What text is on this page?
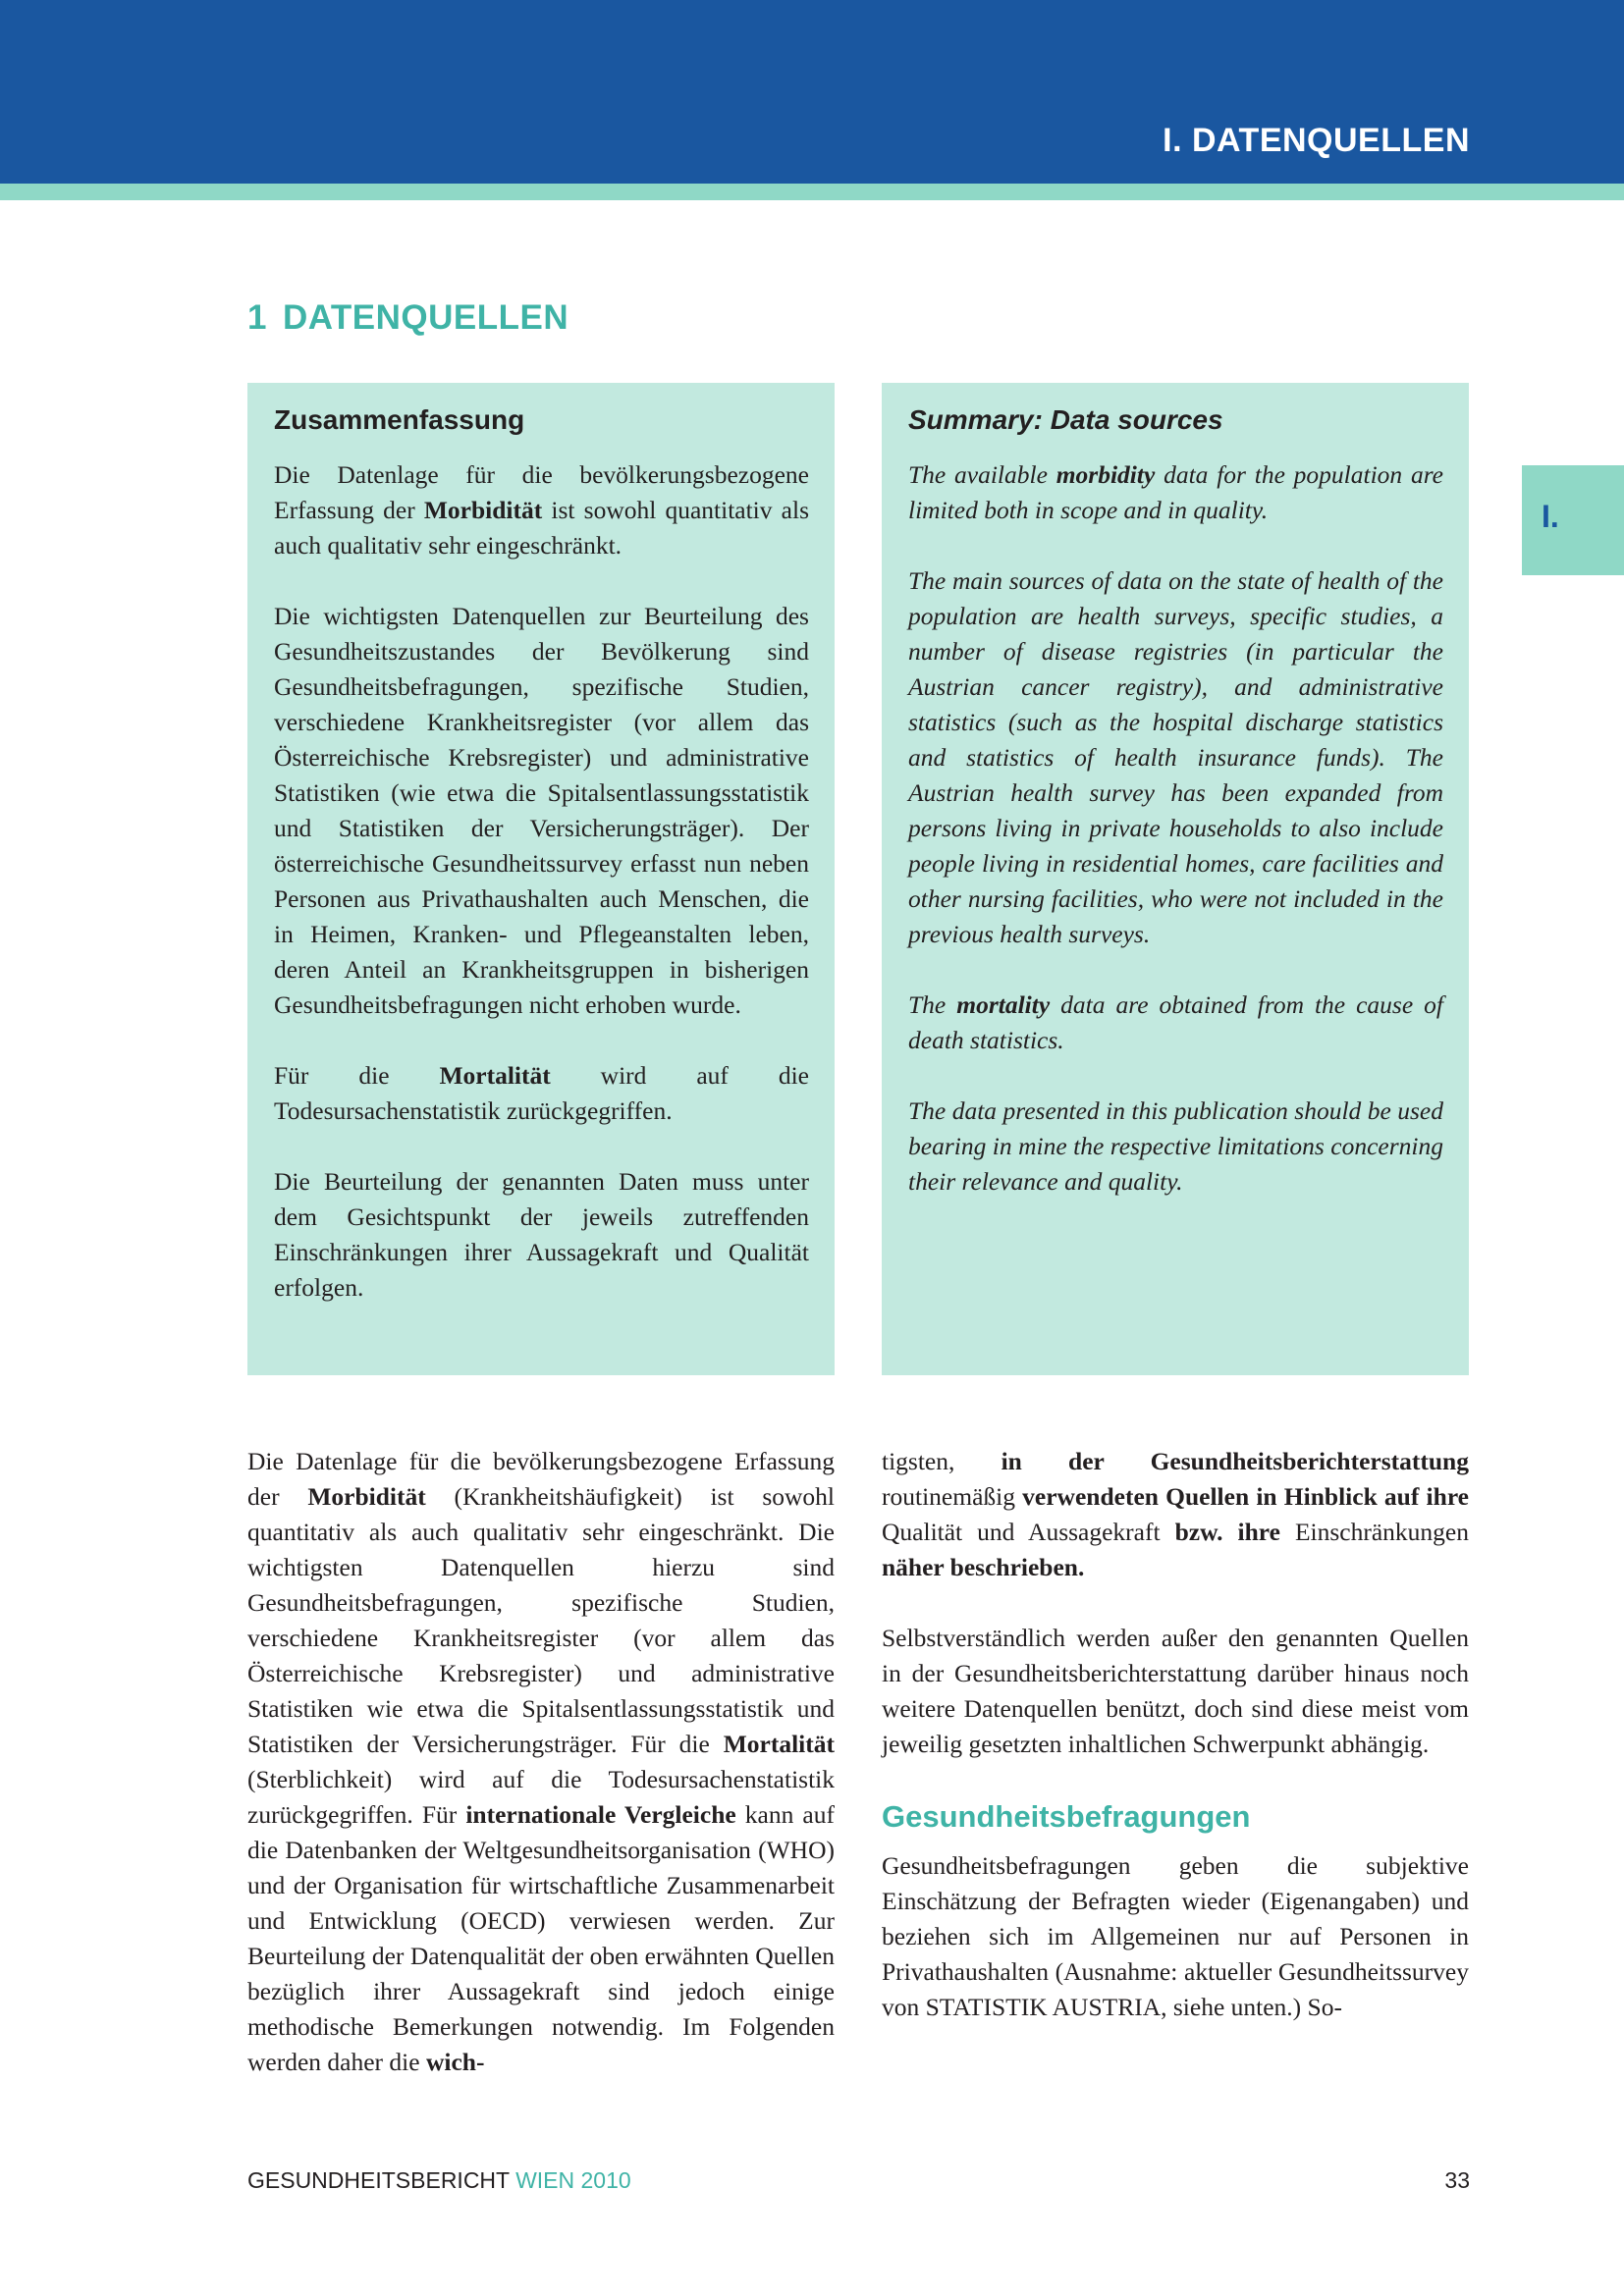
I. DATENQUELLEN
I.
1 DATENQUELLEN
Zusammenfassung

Die Datenlage für die bevölkerungsbezogene Erfassung der Morbidität ist sowohl quantitativ als auch qualitativ sehr eingeschränkt.

Die wichtigsten Datenquellen zur Beurteilung des Gesundheitszustandes der Bevölkerung sind Gesundheitsbefragungen, spezifische Studien, verschiedene Krankheitsregister (vor allem das Österreichische Krebsregister) und administrative Statistiken (wie etwa die Spitalsentlassungsstatistik und Statistiken der Versicherungsträger). Der österreichische Gesundheitssurvey erfasst nun neben Personen aus Privathaushalten auch Menschen, die in Heimen, Kranken- und Pflegeanstalten leben, deren Anteil an Krankheitsgruppen in bisherigen Gesundheitsbefragungen nicht erhoben wurde.

Für die Mortalität wird auf die Todesursachenstatistik zurückgegriffen.

Die Beurteilung der genannten Daten muss unter dem Gesichtspunkt der jeweils zutreffenden Einschränkungen ihrer Aussagekraft und Qualität erfolgen.

Summary: Data sources

The available morbidity data for the population are limited both in scope and in quality.

The main sources of data on the state of health of the population are health surveys, specific studies, a number of disease registries (in particular the Austrian cancer registry), and administrative statistics (such as the hospital discharge statistics and statistics of health insurance funds). The Austrian health survey has been expanded from persons living in private households to also include people living in residential homes, care facilities and other nursing facilities, who were not included in the previous health surveys.

The mortality data are obtained from the cause of death statistics.

The data presented in this publication should be used bearing in mine the respective limitations concerning their relevance and quality.

Die Datenlage für die bevölkerungsbezogene Erfassung der Morbidität (Krankheitshäufigkeit) ist sowohl quantitativ als auch qualitativ sehr eingeschränkt. Die wichtigsten Datenquellen hierzu sind Gesundheitsbefragungen, spezifische Studien, verschiedene Krankheitsregister (vor allem das Österreichische Krebsregister) und administrative Statistiken wie etwa die Spitalsentlassungsstatistik und Statistiken der Versicherungsträger. Für die Mortalität (Sterblichkeit) wird auf die Todesursachenstatistik zurückgegriffen. Für internationale Vergleiche kann auf die Datenbanken der Weltgesundheitsorganisation (WHO) und der Organisation für wirtschaftliche Zusammenarbeit und Entwicklung (OECD) verwiesen werden. Zur Beurteilung der Datenqualität der oben erwähnten Quellen bezüglich ihrer Aussagekraft sind jedoch einige methodische Bemerkungen notwendig. Im Folgenden werden daher die wich-

tigsten, in der Gesundheitsberichterstattung routinemäßig verwendeten Quellen in Hinblick auf ihre Qualität und Aussagekraft bzw. ihre Einschränkungen näher beschrieben.

Selbstverständlich werden außer den genannten Quellen in der Gesundheitsberichterstattung darüber hinaus noch weitere Datenquellen benützt, doch sind diese meist vom jeweilig gesetzten inhaltlichen Schwerpunkt abhängig.

Gesundheitsbefragungen

Gesundheitsbefragungen geben die subjektive Einschätzung der Befragten wieder (Eigenangaben) und beziehen sich im Allgemeinen nur auf Personen in Privathaushalten (Ausnahme: aktueller Gesundheitssurvey von STATISTIK AUSTRIA, siehe unten.) So-

GESUNDHEITSBERICHT WIEN 2010	33
